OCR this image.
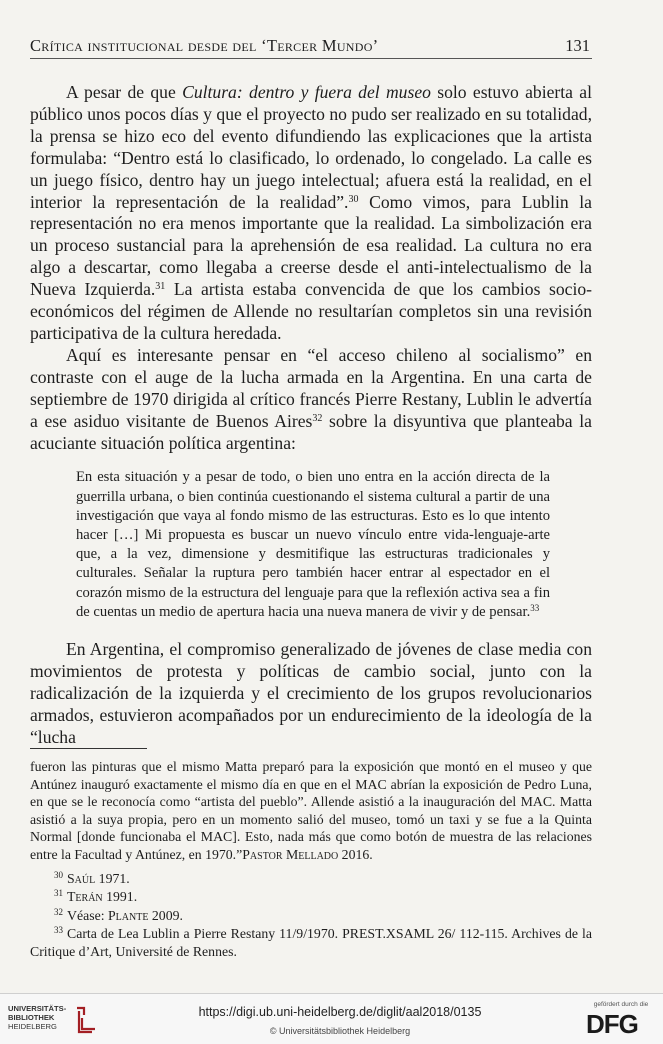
Crítica institucional desde del ‘Tercer Mundo’	131

A pesar de que Cultura: dentro y fuera del museo solo estuvo abierta al público unos pocos días y que el proyecto no pudo ser realizado en su totalidad, la prensa se hizo eco del evento difundiendo las explicaciones que la artista formulaba: “Dentro está lo clasificado, lo ordenado, lo congelado. La calle es un juego físico, dentro hay un juego intelectual; afuera está la realidad, en el interior la representación de la realidad”.$^{30}$ Como vimos, para Lublin la representación no era menos importante que la realidad. La simbolización era un proceso sustancial para la aprehensión de esa realidad. La cultura no era algo a descartar, como llegaba a creerse desde el anti-intelectualismo de la Nueva Izquierda.$^{31}$ La artista estaba convencida de que los cambios socio-económicos del régimen de Allende no resultarían completos sin una revisión participativa de la cultura heredada.

Aquí es interesante pensar en “el acceso chileno al socialismo” en contraste con el auge de la lucha armada en la Argentina. En una carta de septiembre de 1970 dirigida al crítico francés Pierre Restany, Lublin le advertía a ese asiduo visitante de Buenos Aires$^{32}$ sobre la disyuntiva que planteaba la acuciante situación política argentina:

En esta situación y a pesar de todo, o bien uno entra en la acción directa de la guerrilla urbana, o bien continúa cuestionando el sistema cultural a partir de una investigación que vaya al fondo mismo de las estructuras. Esto es lo que intento hacer […] Mi propuesta es buscar un nuevo vínculo entre vida-lenguaje-arte que, a la vez, dimensione y desmitifique las estructuras tradicionales y culturales. Señalar la ruptura pero también hacer entrar al espectador en el corazón mismo de la estructura del lenguaje para que la reflexión activa sea a fin de cuentas un medio de apertura hacia una nueva manera de vivir y de pensar.$^{33}$

En Argentina, el compromiso generalizado de jóvenes de clase media con movimientos de protesta y políticas de cambio social, junto con la radicalización de la izquierda y el crecimiento de los grupos revolucionarios armados, estuvieron acompañados por un endurecimiento de la ideología de la “lucha

fueron las pinturas que el mismo Matta preparó para la exposición que montó en el museo y que Antúnez inauguró exactamente el mismo día en que en el MAC abrían la exposición de Pedro Luna, en que se le reconocía como “artista del pueblo”. Allende asistió a la inauguración del MAC. Matta asistió a la suya propia, pero en un momento salió del museo, tomó un taxi y se fue a la Quinta Normal [donde funcionaba el MAC]. Esto, nada más que como botón de muestra de las relaciones entre la Facultad y Antúnez, en 1970.”Pastor Mellado 2016.

$^{30}$ Saúl 1971.

$^{31}$ Terán 1991.

$^{32}$ Véase: Plante 2009.

$^{33}$ Carta de Lea Lublin a Pierre Restany 11/9/1970. PREST.XSAML 26/ 112-115. Archives de la Critique d’Art, Université de Rennes.

UNIVERSITÄTS-
BIBLIOTHEK
HEIDELBERG
https://digi.ub.uni-heidelberg.de/diglit/aal2018/0135
© Universitätsbibliothek Heidelberg
gefördert durch die
DFG
